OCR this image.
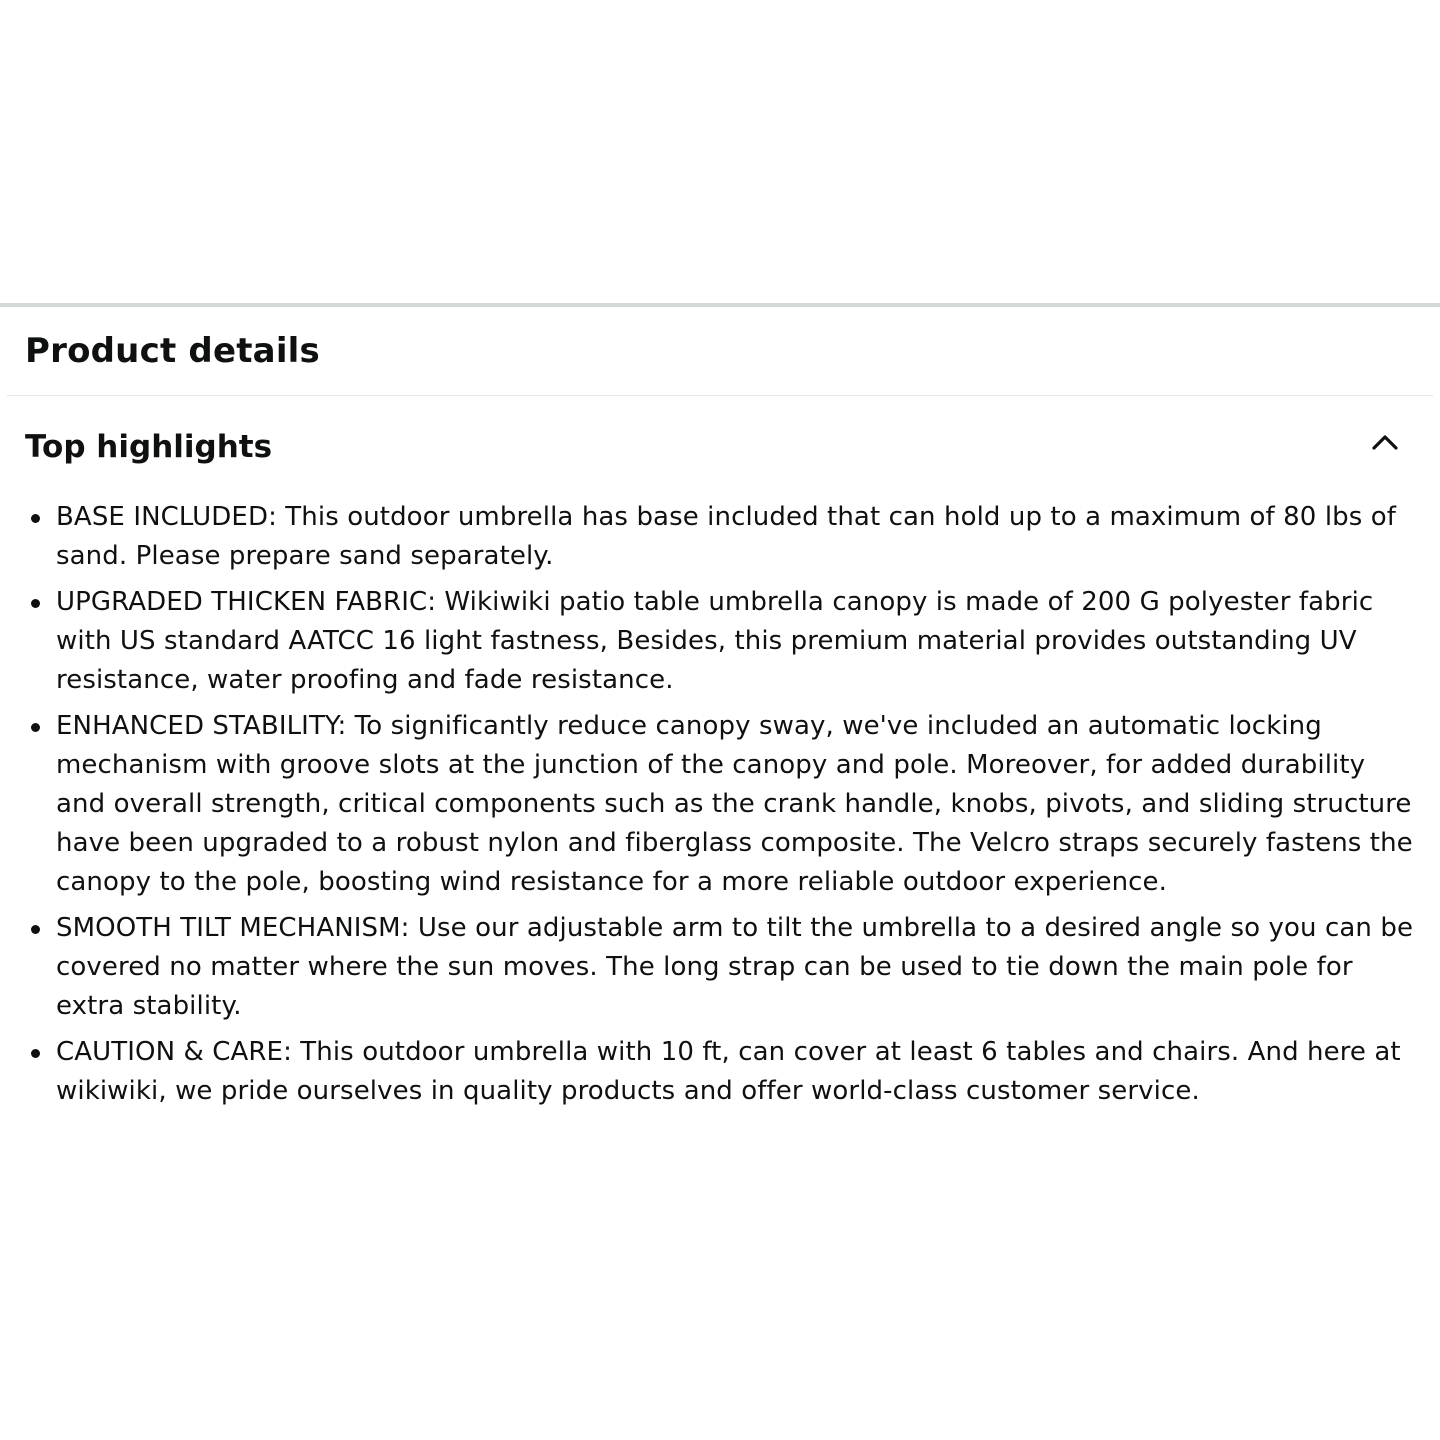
Product details
Top highlights
BASE INCLUDED: This outdoor umbrella has base included that can hold up to a maximum of 80 lbs of sand. Please prepare sand separately.
UPGRADED THICKEN FABRIC: Wikiwiki patio table umbrella canopy is made of 200 G polyester fabric with US standard AATCC 16 light fastness, Besides, this premium material provides outstanding UV resistance, water proofing and fade resistance.
ENHANCED STABILITY: To significantly reduce canopy sway, we've included an automatic locking mechanism with groove slots at the junction of the canopy and pole. Moreover, for added durability and overall strength, critical components such as the crank handle, knobs, pivots, and sliding structure have been upgraded to a robust nylon and fiberglass composite. The Velcro straps securely fastens the canopy to the pole, boosting wind resistance for a more reliable outdoor experience.
SMOOTH TILT MECHANISM: Use our adjustable arm to tilt the umbrella to a desired angle so you can be covered no matter where the sun moves. The long strap can be used to tie down the main pole for extra stability.
CAUTION & CARE: This outdoor umbrella with 10 ft, can cover at least 6 tables and chairs. And here at wikiwiki, we pride ourselves in quality products and offer world-class customer service.
